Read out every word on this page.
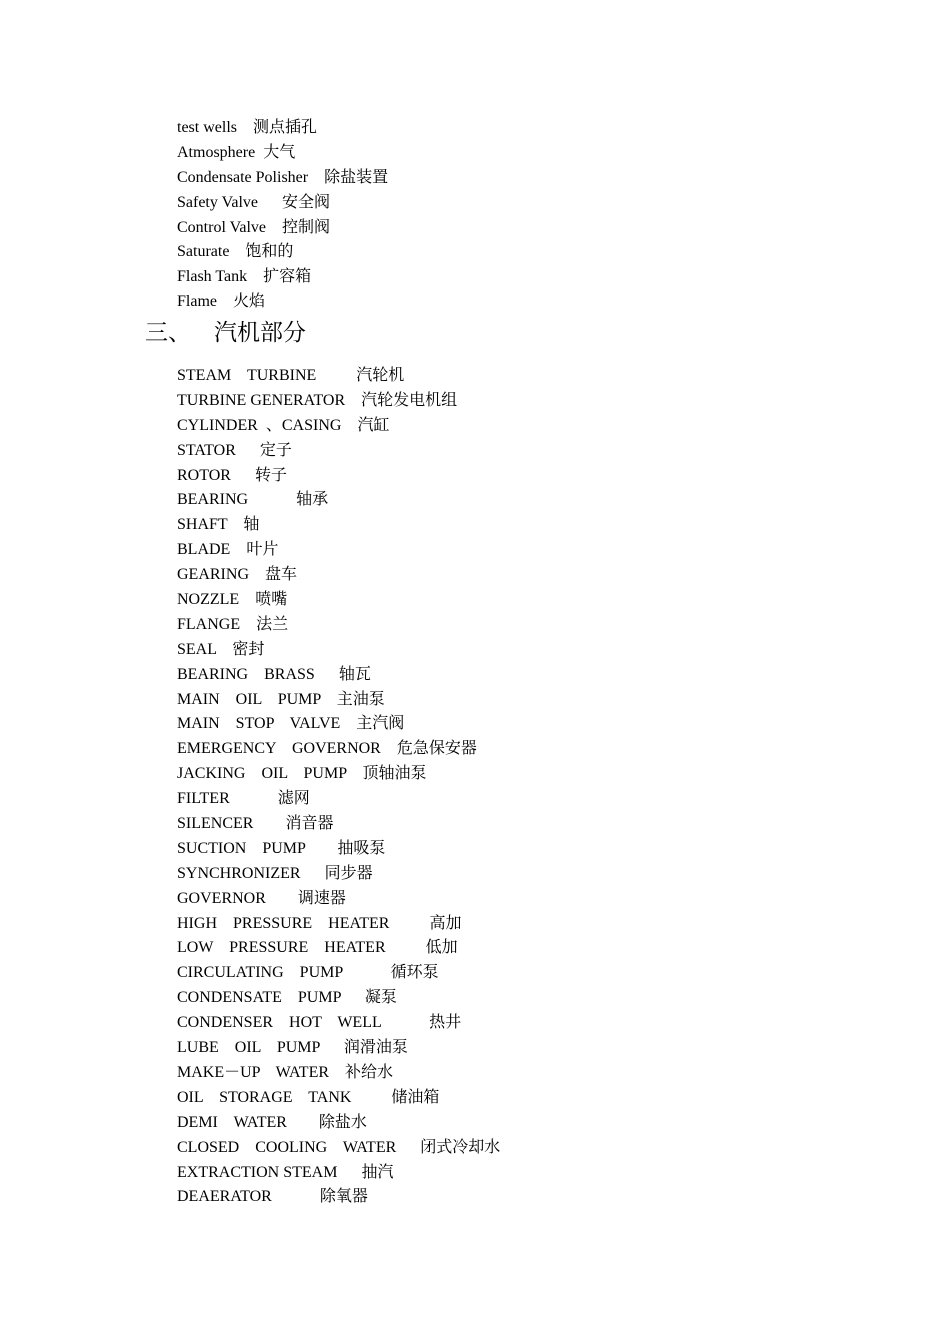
test wells    测点插孔
Atmosphere  大气
Condensate Polisher    除盐装置
Safety Valve      安全阀
Control Valve    控制阀
Saturate    饱和的
Flash Tank    扩容箱
Flame    火焰
三、 汽机部分
STEAM    TURBINE          汽轮机
TURBINE GENERATOR    汽轮发电机组
CYLINDER  、CASING    汽缸
STATOR      定子
ROTOR      转子
BEARING            轴承
SHAFT    轴
BLADE    叶片
GEARING    盘车
NOZZLE    喷嘴
FLANGE    法兰
SEAL    密封
BEARING    BRASS      轴瓦
MAIN    OIL    PUMP    主油泵
MAIN    STOP    VALVE    主汽阀
EMERGENCY    GOVERNOR    危急保安器
JACKING    OIL    PUMP    顶轴油泵
FILTER            滤网
SILENCER        消音器
SUCTION    PUMP        抽吸泵
SYNCHRONIZER      同步器
GOVERNOR        调速器
HIGH    PRESSURE    HEATER          高加
LOW    PRESSURE    HEATER          低加
CIRCULATING    PUMP            循环泵
CONDENSATE    PUMP      凝泵
CONDENSER    HOT    WELL            热井
LUBE    OIL    PUMP      润滑油泵
MAKE－UP    WATER    补给水
OIL    STORAGE    TANK          储油箱
DEMI    WATER        除盐水
CLOSED    COOLING    WATER      闭式冷却水
EXTRACTION STEAM      抽汽
DEAERATOR            除氧器
